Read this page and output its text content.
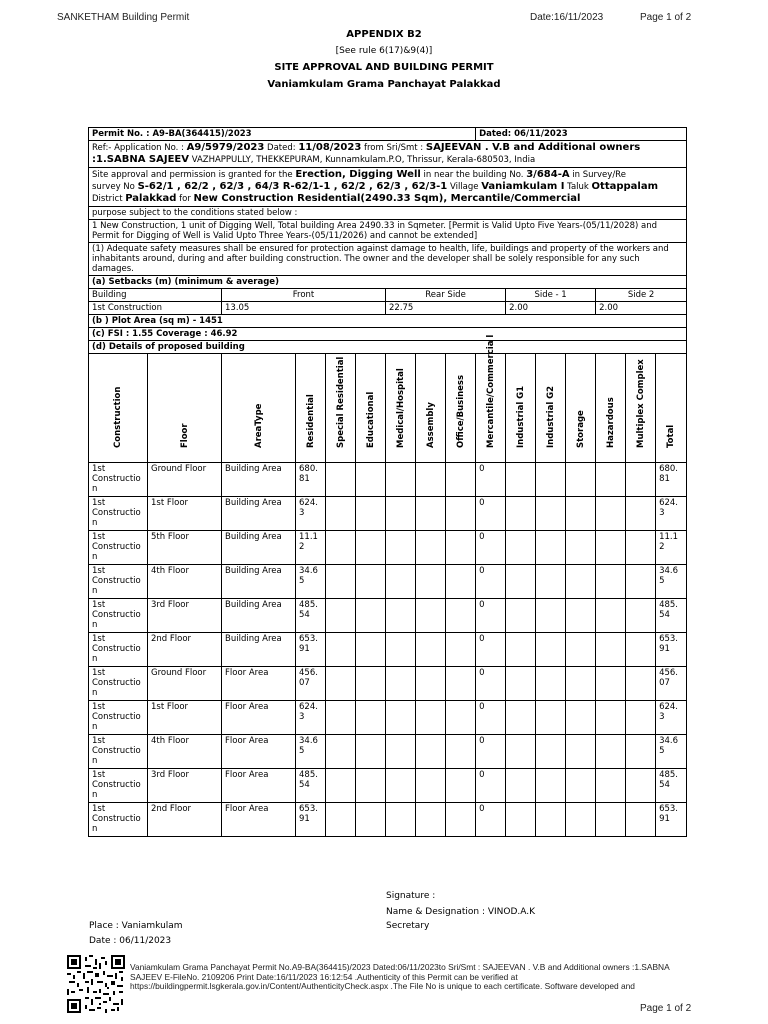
SANKETHAM Building Permit	Date:16/11/2023	Page 1 of 2
APPENDIX B2
[See rule 6(17)&9(4)]
SITE APPROVAL AND BUILDING PERMIT
Vaniamkulam Grama Panchayat Palakkad
Permit No. : A9-BA(364415)/2023									Dated: 06/11/2023						
Ref:- Application No. : A9/5979/2023 Dated: 11/08/2023 from Sri/Smt : SAJEEVAN . V.B and Additional owners
:1.SABNA SAJEEV VAZHAPPULLY, THEKKEPURAM, Kunnamkulam.P.O, Thrissur, Kerala-680503, India															
Site approval and permission is granted for the Erection, Digging Well in near the building No. 3/684-A in Survey/Re
survey No S-62/1 , 62/2 , 62/3 , 64/3 R-62/1-1 , 62/2 , 62/3 , 62/3-1 Village Vaniamkulam I Taluk Ottappalam
District Palakkad for New Construction Residential(2490.33 Sqm), Mercantile/Commercial															
purpose subject to the conditions stated below :															
1 New Construction, 1 unit of Digging Well, Total building Area 2490.33 in Sqmeter. [Permit is Valid Upto Five Years-(05/11/2028) and Permit for Digging of Well is Valid Upto Three Years-(05/11/2026) and cannot be extended]															
(1) Adequate safety measures shall be ensured for protection against damage to health, life, buildings and property of the workers and inhabitants around, during and after building construction. The owner and the developer shall be solely responsible for any such damages.															
(a) Setbacks (m) (minimum & average)															
Building		Front				Rear Side				Side - 1			Side 2		
1st Construction		13.05				22.75				2.00			2.00		
(b ) Plot Area (sq m) - 1451															
(c) FSI : 1.55 Coverage : 46.92															
(d) Details of proposed building															

Construction	Floor	AreaType	Residential	Special Residential	Educational	Medical/Hospital	Assembly	Office/Business	Mercantile/Commercia l	Industrial G1	Industrial G2	Storage	Hazardous	Multiplex Complex	Total

1st Constructio n	Ground Floor	Building Area	680. 81						0						680. 81
1st Constructio n	1st Floor	Building Area	624. 3						0						624. 3
1st Constructio n	5th Floor	Building Area	11.1 2						0						11.1 2
1st Constructio n	4th Floor	Building Area	34.6 5						0						34.6 5
1st Constructio n	3rd Floor	Building Area	485. 54						0						485. 54
1st Constructio n	2nd Floor	Building Area	653. 91						0						653. 91
1st Constructio n	Ground Floor	Floor Area	456. 07						0						456. 07
1st Constructio n	1st Floor	Floor Area	624. 3						0						624. 3
1st Constructio n	4th Floor	Floor Area	34.6 5						0						34.6 5
1st Constructio n	3rd Floor	Floor Area	485. 54						0						485. 54
1st Constructio n	2nd Floor	Floor Area	653. 91						0						653. 91
Signature :
Name & Designation : VINOD.A.K
Secretary
Place : Vaniamkulam
Date : 06/11/2023
Vaniamkulam Grama Panchayat Permit No.A9-BA(364415)/2023 Dated:06/11/2023to Sri/Smt : SAJEEVAN . V.B and Additional owners :1.SABNA SAJEEV E-FileNo. 2109206 Print Date:16/11/2023 16:12:54 .Authenticity of this Permit can be verified at https://buildingpermit.lsgkerala.gov.in/Content/AuthenticityCheck.aspx .The File No is unique to each certificate. Software developed and
Page 1 of 2
